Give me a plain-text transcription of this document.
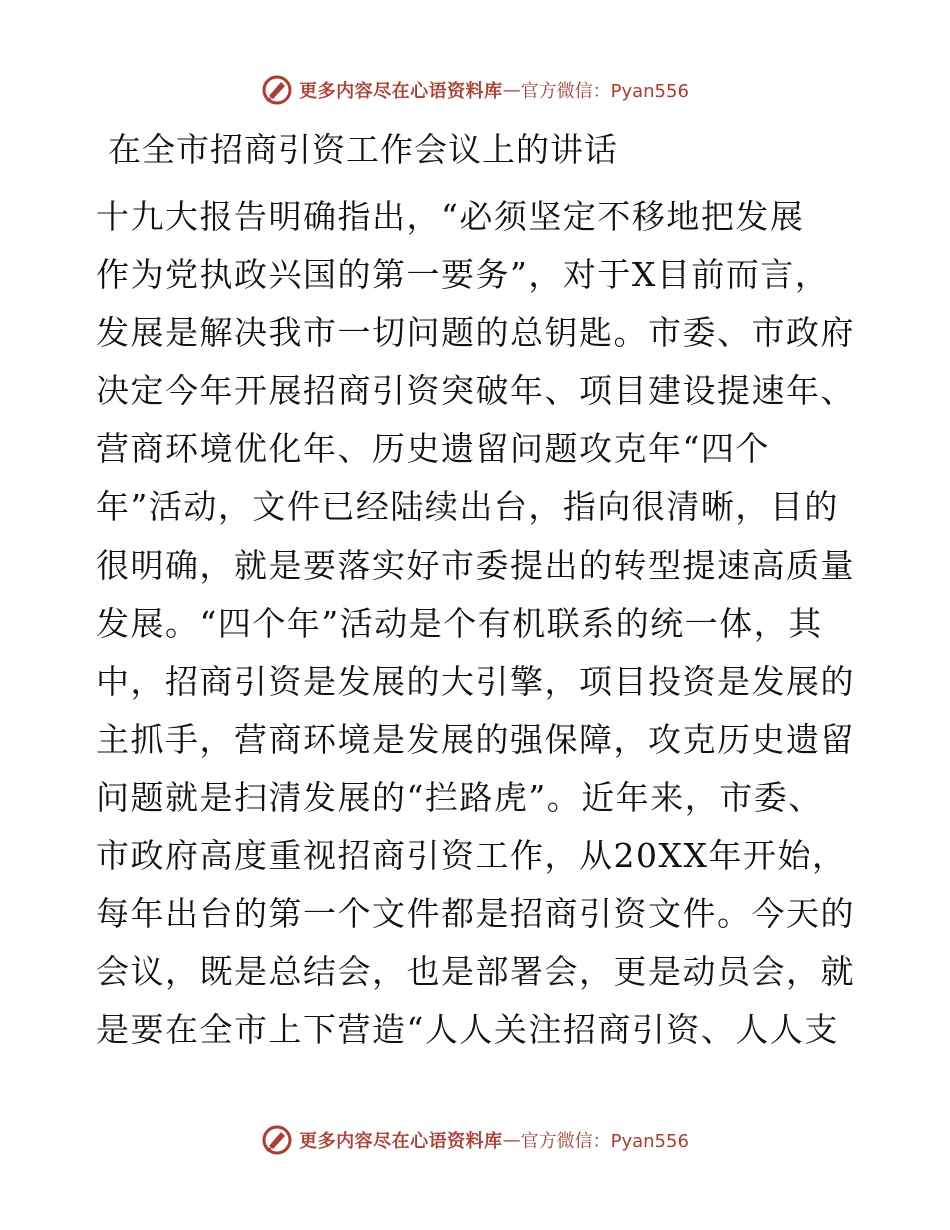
更多内容尽在心语资料库 — 官方微信：Pyan556
在全市招商引资工作会议上的讲话
十九大报告明确指出，“必须坚定不移地把发展
作为党执政兴国的第一要务”，对于X目前而言，
发展是解决我市一切问题的总钥匙。市委、市政府
决定今年开展招商引资突破年、项目建设提速年、
营商环境优化年、历史遗留问题攻克年“四个
年”活动，文件已经陆续出台，指向很清晰，目的
很明确，就是要落实好市委提出的转型提速高质量
发展。“四个年”活动是个有机联系的统一体，其
中，招商引资是发展的大引擎，项目投资是发展的
主抓手，营商环境是发展的强保障，攻克历史遗留
问题就是扫清发展的“拦路虎”。近年来，市委、
市政府高度重视招商引资工作，从20XX年开始，
每年出台的第一个文件都是招商引资文件。今天的
会议，既是总结会，也是部署会，更是动员会，就
是要在全市上下营造“人人关注招商引资、人人支
更多内容尽在心语资料库 — 官方微信：Pyan556
